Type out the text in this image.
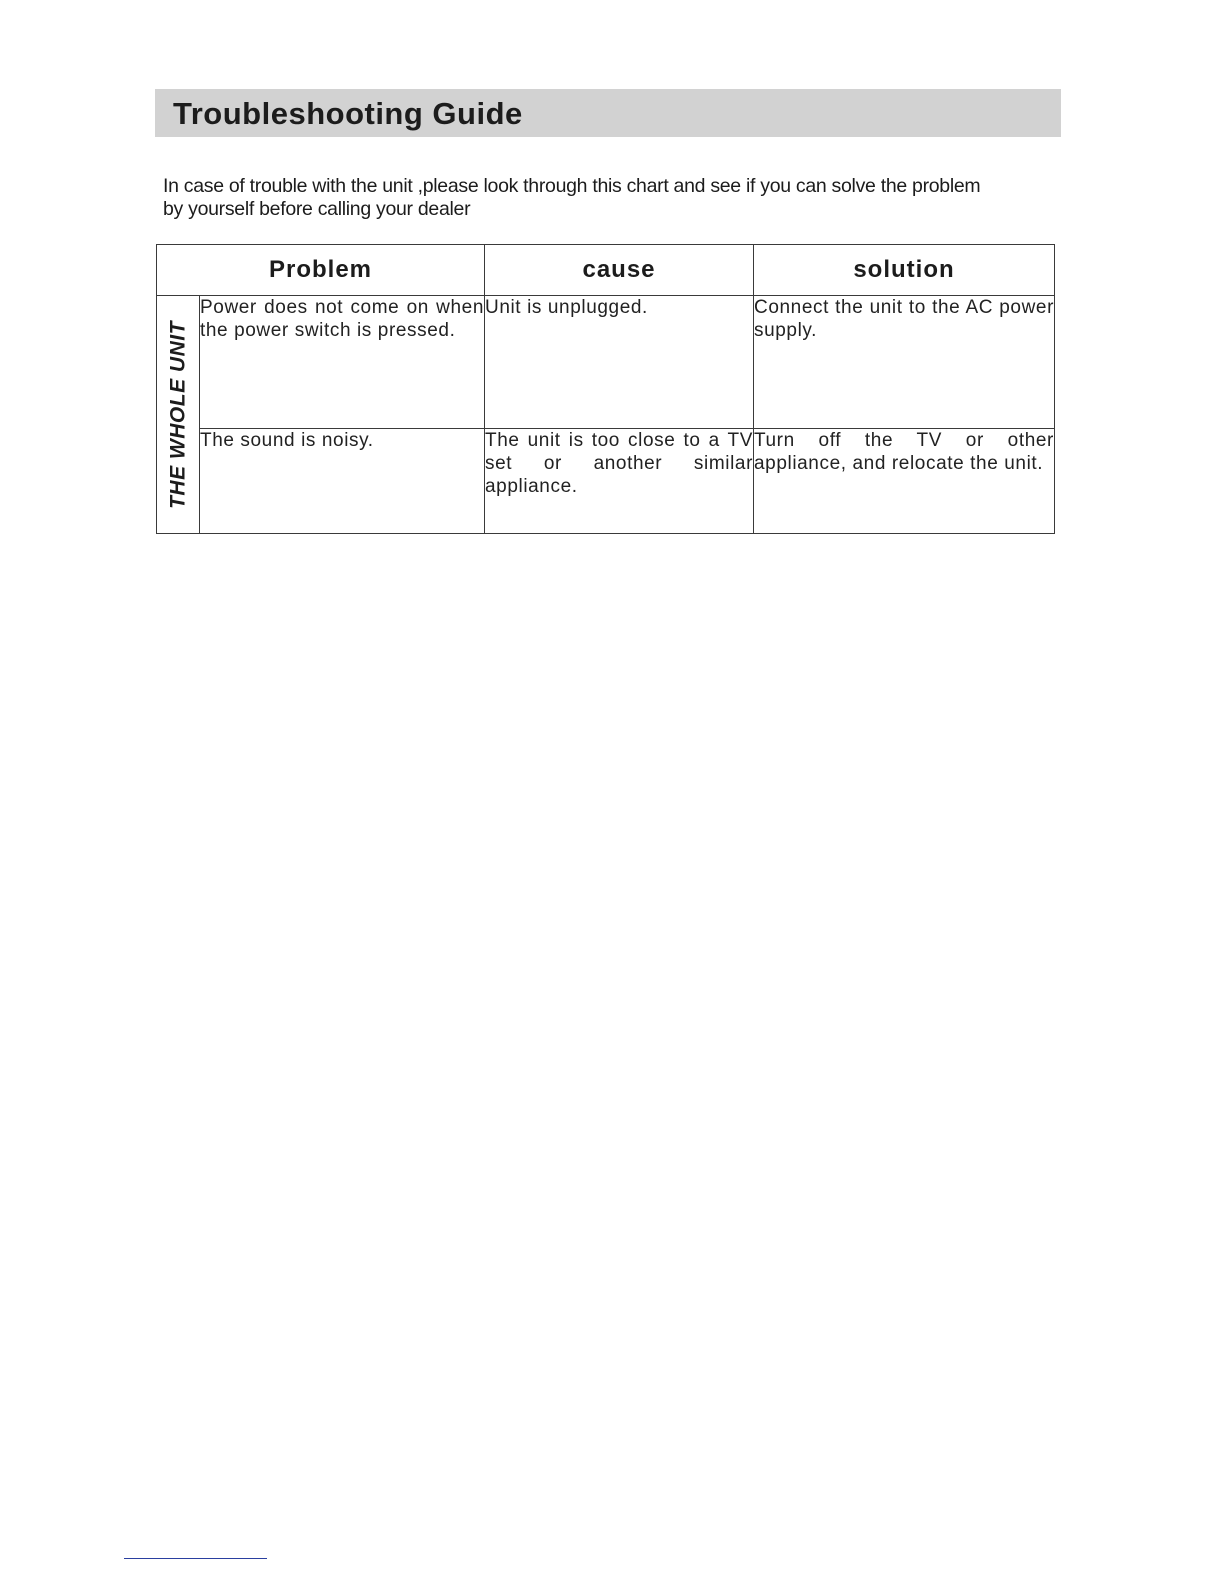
Troubleshooting Guide
In case of trouble with the unit ,please look through this chart and see if you can solve the problem
by yourself before calling your dealer
Problem		cause	solution

THE WHOLE UNIT	Power does not come on when the power switch is pressed.	Unit is unplugged.	Connect the unit to the AC power supply.

	The sound is noisy.	The unit is too close to a TV set or another similar appliance.	Turn off the TV or other appliance, and relocate the unit.
